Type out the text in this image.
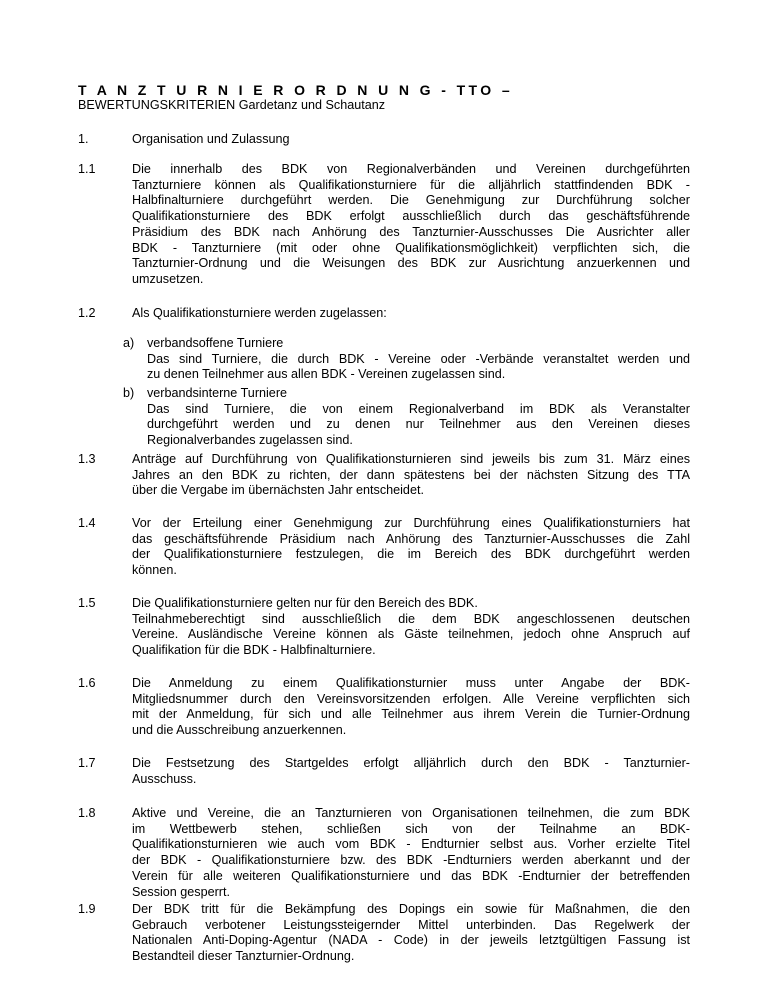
T A N Z T U R N I E R O R D N U N G - TTO –

BEWERTUNGSKRITERIEN Gardetanz und Schautanz

1.	Organisation und Zulassung

1.1	Die innerhalb des BDK von Regionalverbänden und Vereinen durchgeführten
Tanzturniere können als Qualifikationsturniere für die alljährlich stattfindenden BDK -
Halbfinalturniere durchgeführt werden. Die Genehmigung zur Durchführung solcher
Qualifikationsturniere des BDK erfolgt ausschließlich durch das geschäftsführende
Präsidium des BDK nach Anhörung des Tanzturnier-Ausschusses Die Ausrichter aller
BDK - Tanzturniere (mit oder ohne Qualifikationsmöglichkeit) verpflichten sich, die
Tanzturnier-Ordnung und die Weisungen des BDK zur Ausrichtung anzuerkennen und
umzusetzen.

1.2	Als Qualifikationsturniere werden zugelassen:

a) verbandsoffene Turniere
Das sind Turniere, die durch BDK - Vereine oder -Verbände veranstaltet werden und
zu denen Teilnehmer aus allen BDK - Vereinen zugelassen sind.

b) verbandsinterne Turniere
Das sind Turniere, die von einem Regionalverband im BDK als Veranstalter
durchgeführt werden und zu denen nur Teilnehmer aus den Vereinen dieses
Regionalverbandes zugelassen sind.

1.3	Anträge auf Durchführung von Qualifikationsturnieren sind jeweils bis zum 31. März eines
Jahres an den BDK zu richten, der dann spätestens bei der nächsten Sitzung des TTA
über die Vergabe im übernächsten Jahr entscheidet.

1.4	Vor der Erteilung einer Genehmigung zur Durchführung eines Qualifikationsturniers hat
das geschäftsführende Präsidium nach Anhörung des Tanzturnier-Ausschusses die Zahl
der Qualifikationsturniere festzulegen, die im Bereich des BDK durchgeführt werden
können.

1.5	Die Qualifikationsturniere gelten nur für den Bereich des BDK.
Teilnahmeberechtigt sind ausschließlich die dem BDK angeschlossenen deutschen
Vereine. Ausländische Vereine können als Gäste teilnehmen, jedoch ohne Anspruch auf
Qualifikation für die BDK - Halbfinalturniere.

1.6	Die Anmeldung zu einem Qualifikationsturnier muss unter Angabe der BDK-
Mitgliedsnummer durch den Vereinsvorsitzenden erfolgen. Alle Vereine verpflichten sich
mit der Anmeldung, für sich und alle Teilnehmer aus ihrem Verein die Turnier-Ordnung
und die Ausschreibung anzuerkennen.

1.7	Die Festsetzung des Startgeldes erfolgt alljährlich durch den BDK - Tanzturnier-
Ausschuss.

1.8	Aktive und Vereine, die an Tanzturnieren von Organisationen teilnehmen, die zum BDK
im Wettbewerb stehen, schließen sich von der Teilnahme an BDK-
Qualifikationsturnieren wie auch vom BDK - Endturnier selbst aus. Vorher erzielte Titel
der BDK - Qualifikationsturniere bzw. des BDK -Endturniers werden aberkannt und der
Verein für alle weiteren Qualifikationsturniere und das BDK -Endturnier der betreffenden
Session gesperrt.

1.9	Der BDK tritt für die Bekämpfung des Dopings ein sowie für Maßnahmen, die den
Gebrauch verbotener Leistungssteigernder Mittel unterbinden. Das Regelwerk der
Nationalen Anti-Doping-Agentur (NADA - Code) in der jeweils letztgültigen Fassung ist
Bestandteil dieser Tanzturnier-Ordnung.
